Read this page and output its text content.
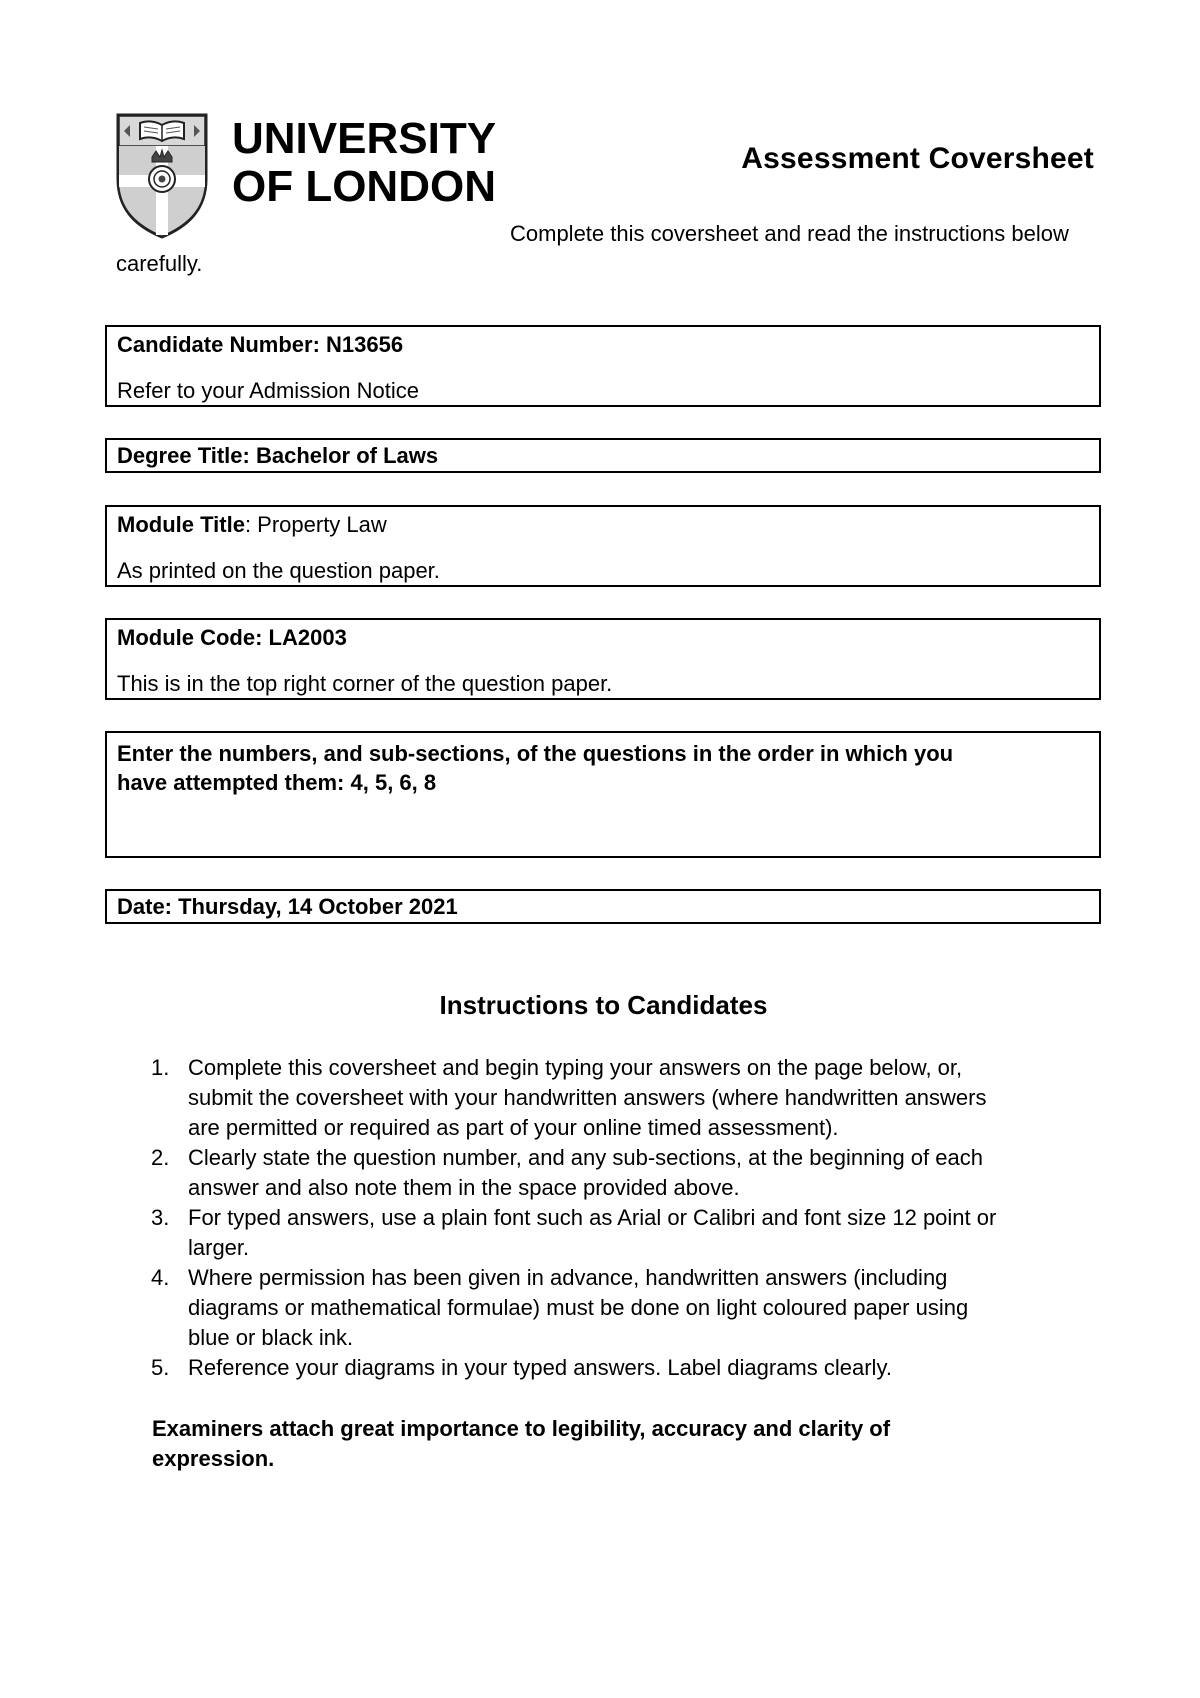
UNIVERSITY
OF LONDON
Assessment Coversheet

Complete this coversheet and read the instructions below carefully.

Candidate Number: N13656
Refer to your Admission Notice
Degree Title: Bachelor of Laws
Module Title: Property Law
As printed on the question paper.
Module Code: LA2003
This is in the top right corner of the question paper.
Enter the numbers, and sub-sections, of the questions in the order in which you
have attempted them: 4, 5, 6, 8
Date: Thursday, 14 October 2021
Instructions to Candidates
1. Complete this coversheet and begin typing your answers on the page below, or,
submit the coversheet with your handwritten answers (where handwritten answers
are permitted or required as part of your online timed assessment).
2. Clearly state the question number, and any sub-sections, at the beginning of each
answer and also note them in the space provided above.
3. For typed answers, use a plain font such as Arial or Calibri and font size 12 point or
larger.
4. Where permission has been given in advance, handwritten answers (including
diagrams or mathematical formulae) must be done on light coloured paper using
blue or black ink.
5. Reference your diagrams in your typed answers. Label diagrams clearly.
Examiners attach great importance to legibility, accuracy and clarity of
expression.
